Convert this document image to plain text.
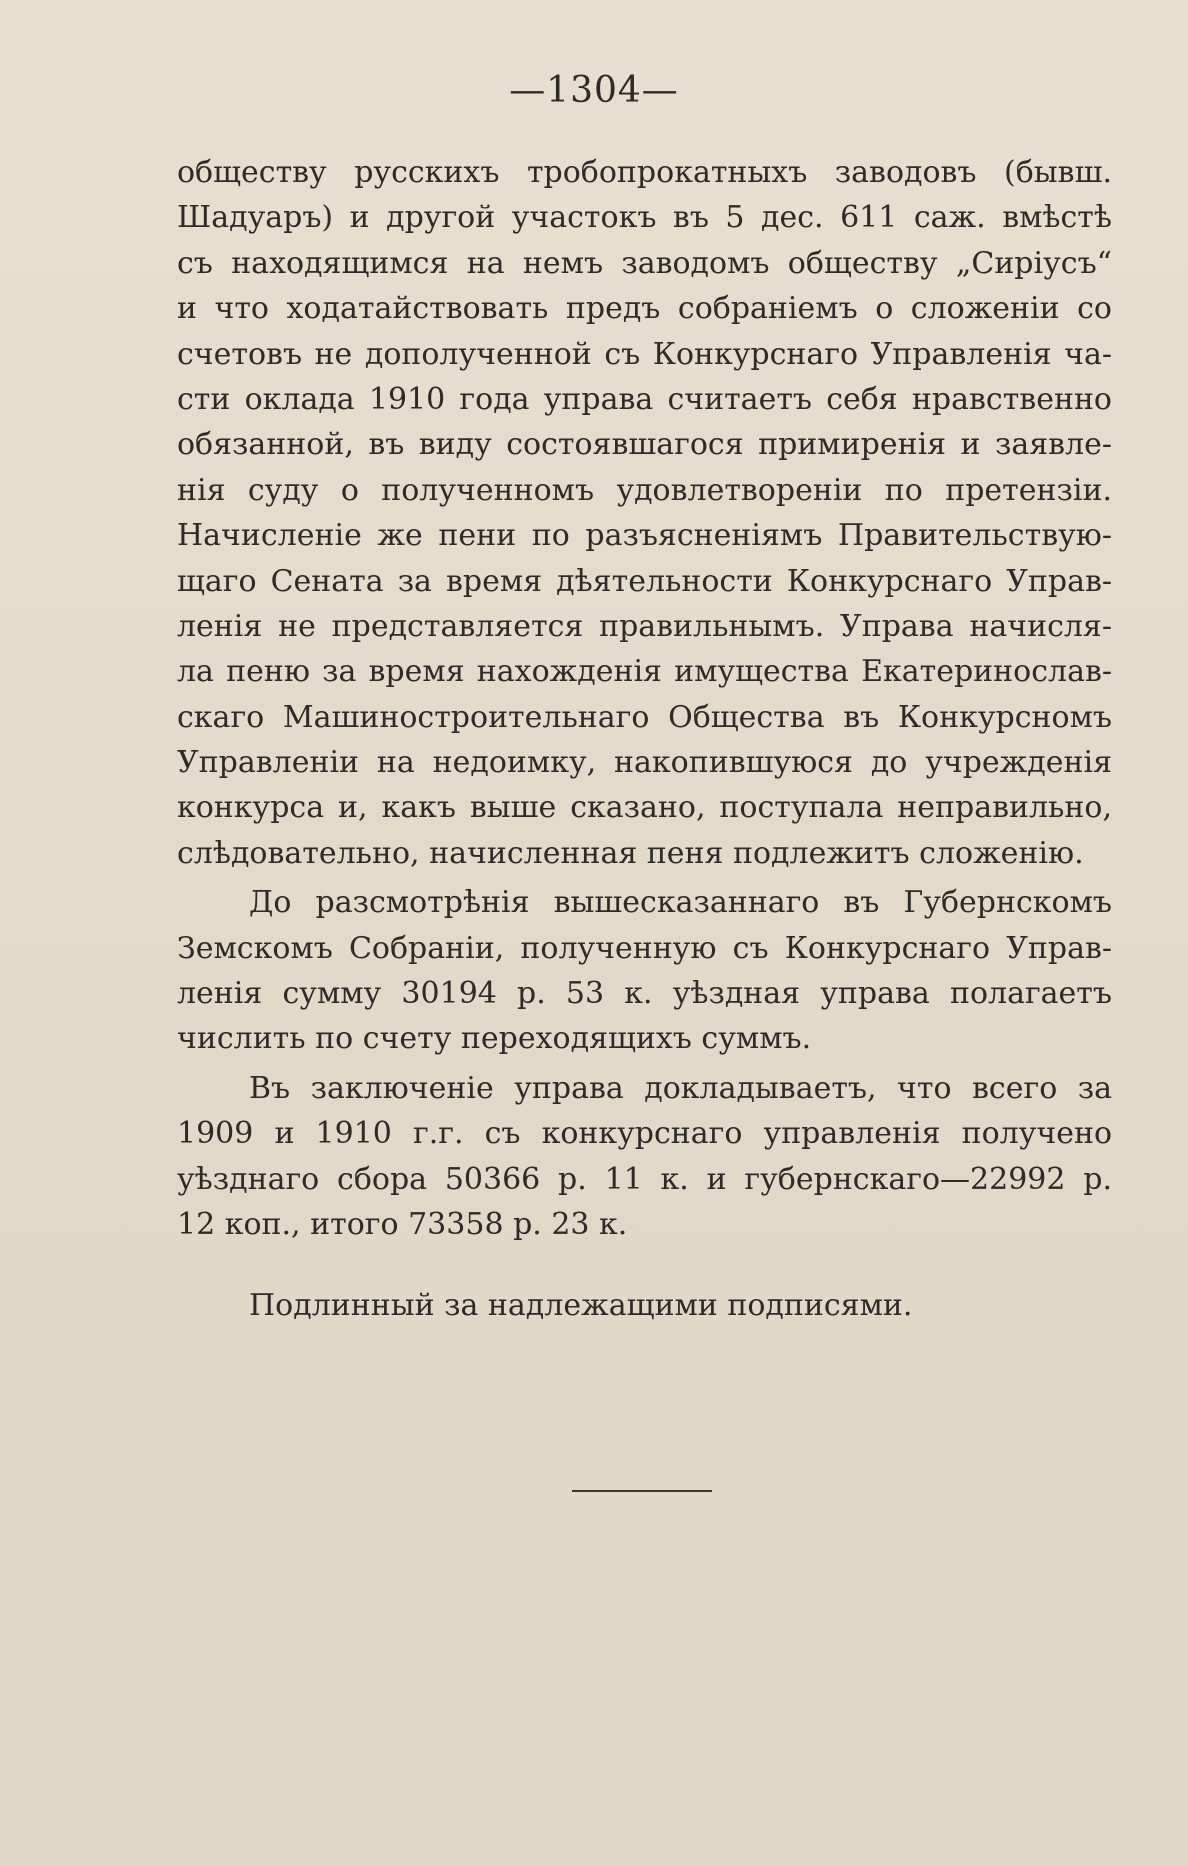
—1304—
обществу русскихъ тробопрокатныхъ заводовъ (бывш.
Шадуаръ) и другой участокъ въ 5 дес. 611 саж. вмѣстѣ
съ находящимся на немъ заводомъ обществу „Сиріусъ“
и что ходатайствовать предъ собраніемъ о сложеніи со
счетовъ не дополученной съ Конкурснаго Управленія ча-
сти оклада 1910 года управа считаетъ себя нравственно
обязанной, въ виду состоявшагося примиренія и заявле-
нія суду о полученномъ удовлетвореніи по претензіи.
Начисленіе же пени по разъясненіямъ Правительствую-
щаго Сената за время дѣятельности Конкурснаго Управ-
ленія не представляется правильнымъ. Управа начисля-
ла пеню за время нахожденія имущества Екатеринослав-
скаго Машиностроительнаго Общества въ Конкурсномъ
Управленіи на недоимку, накопившуюся до учрежденія
конкурса и, какъ выше сказано, поступала неправильно,
слѣдовательно, начисленная пеня подлежитъ сложенію.
До разсмотрѣнія вышесказаннаго въ Губернскомъ
Земскомъ Собраніи, полученную съ Конкурснаго Управ-
ленія сумму 30194 р. 53 к. уѣздная управа полагаетъ
числить по счету переходящихъ суммъ.
Въ заключеніе управа докладываетъ, что всего за
1909 и 1910 г.г. съ конкурснаго управленія получено
уѣзднаго сбора 50366 р. 11 к. и губернскаго—22992 р.
12 коп., итого 73358 р. 23 к.
Подлинный за надлежащими подписями.
